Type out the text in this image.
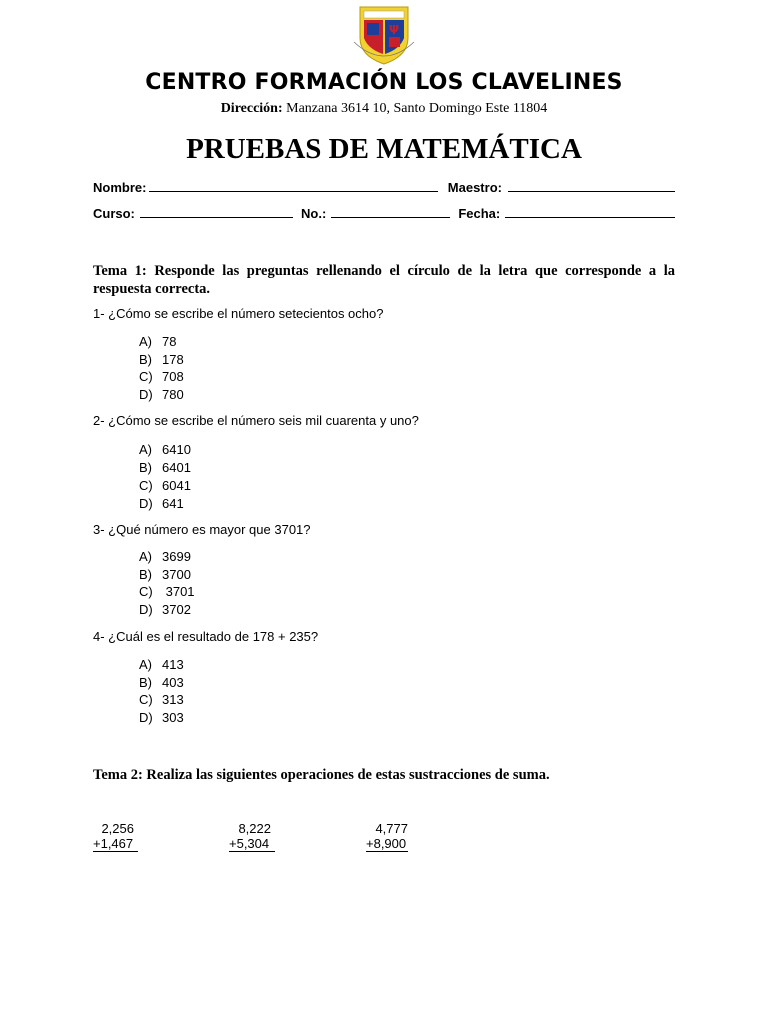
Ψ
CENTRO FORMACIÓN LOS CLAVELINES
Dirección: Manzana 3614 10, Santo Domingo Este 11804
PRUEBAS DE MATEMÁTICA
Nombre:	Maestro:
Curso:	No.:	Fecha:
Tema 1: Responde las preguntas rellenando el círculo de la letra que corresponde a la respuesta correcta.
1- ¿Cómo se escribe el número setecientos ocho?
A) 78
B) 178
C) 708
D) 780
2- ¿Cómo se escribe el número seis mil cuarenta y uno?
A) 6410
B) 6401
C) 6041
D) 641
3- ¿Qué número es mayor que 3701?
A) 3699
B) 3700
C) 3701
D) 3702
4- ¿Cuál es el resultado de 178 + 235?
A) 413
B) 403
C) 313
D) 303
Tema 2: Realiza las siguientes operaciones de estas sustracciones de suma.
2,256
+1,467
8,222
+5,304
4,777
+8,900
